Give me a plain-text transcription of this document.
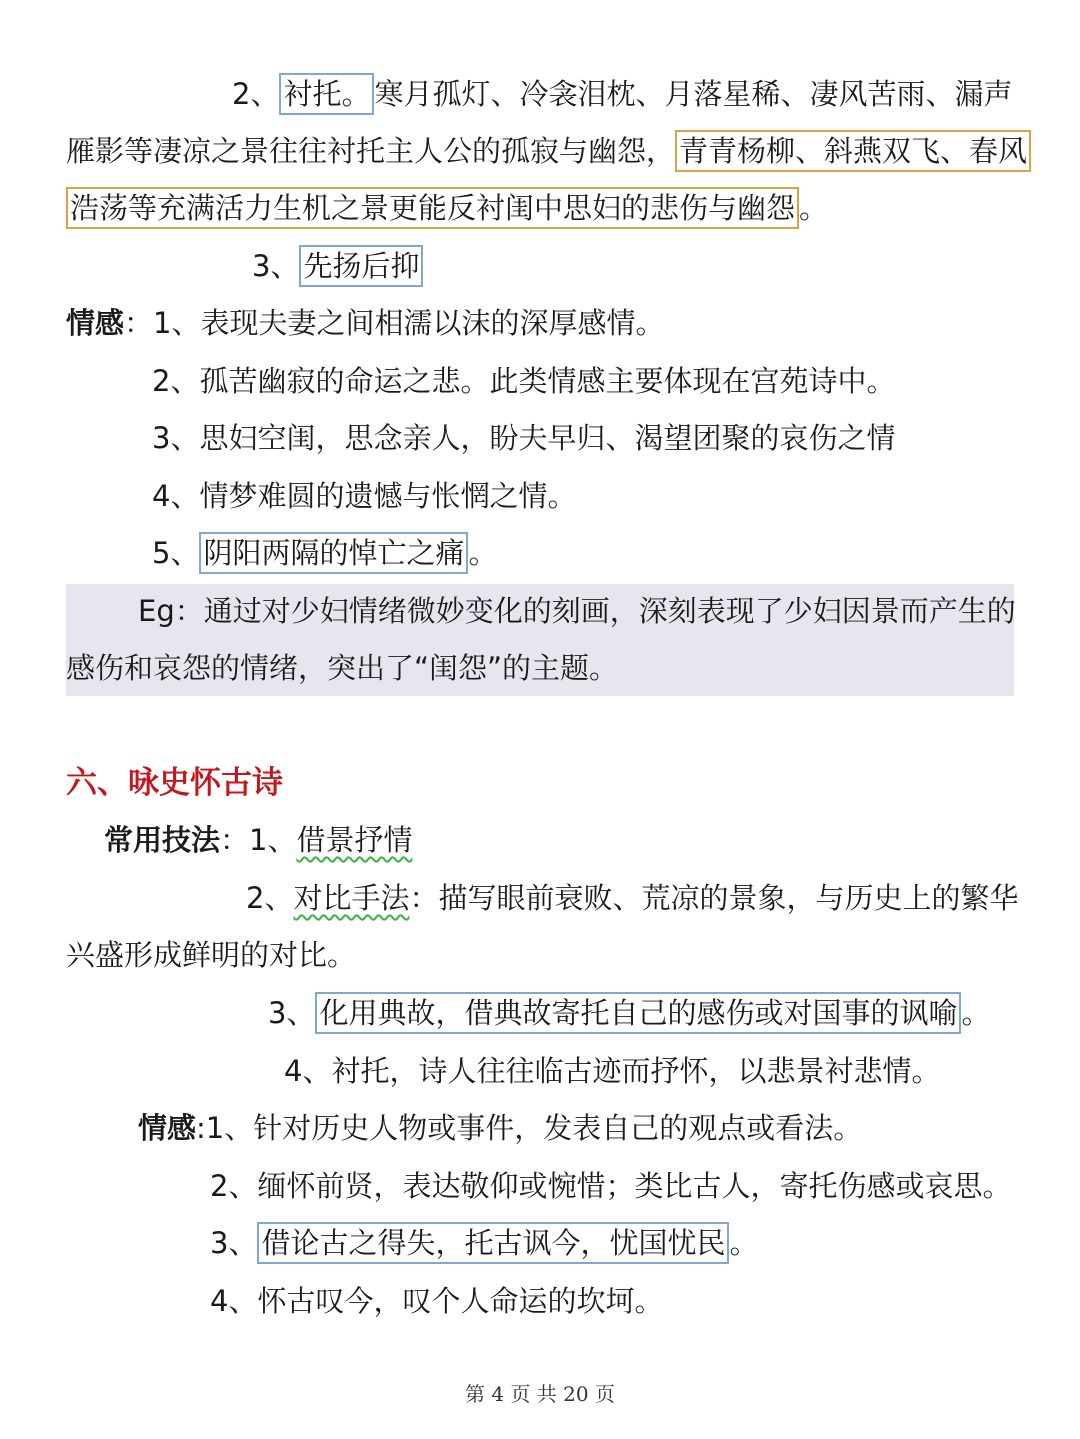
2、 衬托。 寒月孤灯、冷衾泪枕、月落星稀、凄风苦雨、漏声
雁影等凄凉之景往往衬托主人公的孤寂与幽怨， 青青杨柳、斜燕双飞、春风
浩荡等充满活力生机之景更能反衬闺中思妇的悲伤与幽怨 。
3、 先扬后抑
情感：1、表现夫妻之间相濡以沫的深厚感情。
2、孤苦幽寂的命运之悲。此类情感主要体现在宫苑诗中。
3、思妇空闺，思念亲人，盼夫早归、渴望团聚的哀伤之情
4、情梦难圆的遗憾与怅惘之情。
5、 阴阳两隔的悼亡之痛 。
Eg：通过对少妇情绪微妙变化的刻画，深刻表现了少妇因景而产生的
感伤和哀怨的情绪，突出了“闺怨”的主题。
六、咏史怀古诗
常用技法：1、借景抒情
2、对比手法：描写眼前衰败、荒凉的景象，与历史上的繁华
兴盛形成鲜明的对比。
3、 化用典故，借典故寄托自己的感伤或对国事的讽喻 。
4、衬托，诗人往往临古迹而抒怀，以悲景衬悲情。
情感:1、针对历史人物或事件，发表自己的观点或看法。
2、缅怀前贤，表达敬仰或惋惜；类比古人，寄托伤感或哀思。
3、 借论古之得失，托古讽今，忧国忧民 。
4、怀古叹今，叹个人命运的坎坷。
第 4 页 共 20 页
